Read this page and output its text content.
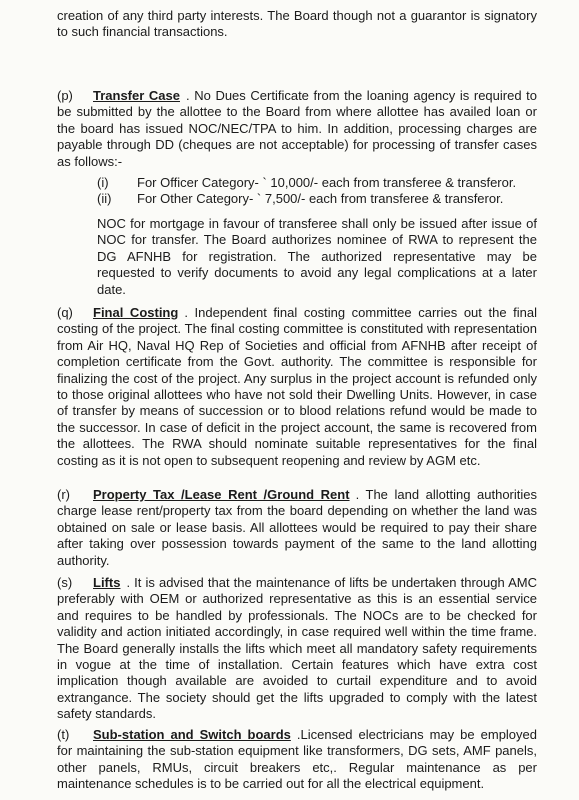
creation of any third party interests. The Board though not a guarantor is signatory to such financial transactions.

(p) Transfer Case . No Dues Certificate from the loaning agency is required to be submitted by the allottee to the Board from where allottee has availed loan or the board has issued NOC/NEC/TPA to him. In addition, processing charges are payable through DD (cheques are not acceptable) for processing of transfer cases as follows:-

(i)	For Officer Category- ` 10,000/- each from transferee & transferor.
(ii)	For Other Category- ` 7,500/- each from transferee & transferor.
NOC for mortgage in favour of transferee shall only be issued after issue of NOC for transfer. The Board authorizes nominee of RWA to represent the DG AFNHB for registration. The authorized representative may be requested to verify documents to avoid any legal complications at a later date.

(q) Final Costing . Independent final costing committee carries out the final costing of the project. The final costing committee is constituted with representation from Air HQ, Naval HQ Rep of Societies and official from AFNHB after receipt of completion certificate from the Govt. authority. The committee is responsible for finalizing the cost of the project. Any surplus in the project account is refunded only to those original allottees who have not sold their Dwelling Units. However, in case of transfer by means of succession or to blood relations refund would be made to the successor. In case of deficit in the project account, the same is recovered from the allottees. The RWA should nominate suitable representatives for the final costing as it is not open to subsequent reopening and review by AGM etc.

(r) Property Tax /Lease Rent /Ground Rent . The land allotting authorities charge lease rent/property tax from the board depending on whether the land was obtained on sale or lease basis. All allottees would be required to pay their share after taking over possession towards payment of the same to the land allotting authority.

(s) Lifts . It is advised that the maintenance of lifts be undertaken through AMC preferably with OEM or authorized representative as this is an essential service and requires to be handled by professionals. The NOCs are to be checked for validity and action initiated accordingly, in case required well within the time frame. The Board generally installs the lifts which meet all mandatory safety requirements in vogue at the time of installation. Certain features which have extra cost implication though available are avoided to curtail expenditure and to avoid extrangance. The society should get the lifts upgraded to comply with the latest safety standards.

(t) Sub-station and Switch boards .Licensed electricians may be employed for maintaining the sub-station equipment like transformers, DG sets, AMF panels, other panels, RMUs, circuit breakers etc,. Regular maintenance as per maintenance schedules is to be carried out for all the electrical equipment.
